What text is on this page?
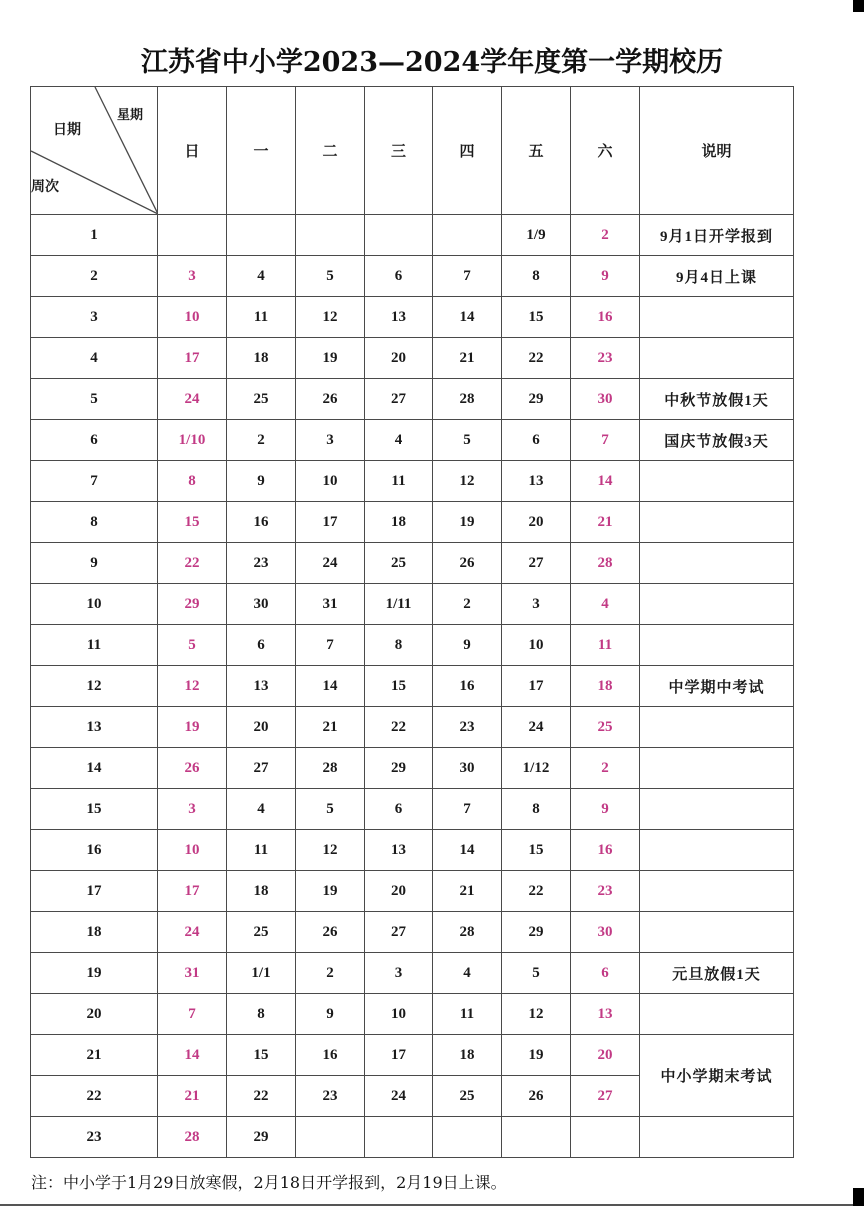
江苏省中小学2023—2024学年度第一学期校历
日期
星期
周次	日	一	二	三	四	五	六	说明
1						1/9	2	9月1日开学报到
2	3	4	5	6	7	8	9	9月4日上课
3	10	11	12	13	14	15	16	
4	17	18	19	20	21	22	23	
5	24	25	26	27	28	29	30	中秋节放假1天
6	1/10	2	3	4	5	6	7	国庆节放假3天
7	8	9	10	11	12	13	14	
8	15	16	17	18	19	20	21	
9	22	23	24	25	26	27	28	
10	29	30	31	1/11	2	3	4	
11	5	6	7	8	9	10	11	
12	12	13	14	15	16	17	18	中学期中考试
13	19	20	21	22	23	24	25	
14	26	27	28	29	30	1/12	2	
15	3	4	5	6	7	8	9	
16	10	11	12	13	14	15	16	
17	17	18	19	20	21	22	23	
18	24	25	26	27	28	29	30	
19	31	1/1	2	3	4	5	6	元旦放假1天
20	7	8	9	10	11	12	13	
21	14	15	16	17	18	19	20	中小学期末考试
22	21	22	23	24	25	26	27	
23	28	29						
注：中小学于1月29日放寒假，2月18日开学报到，2月19日上课。
